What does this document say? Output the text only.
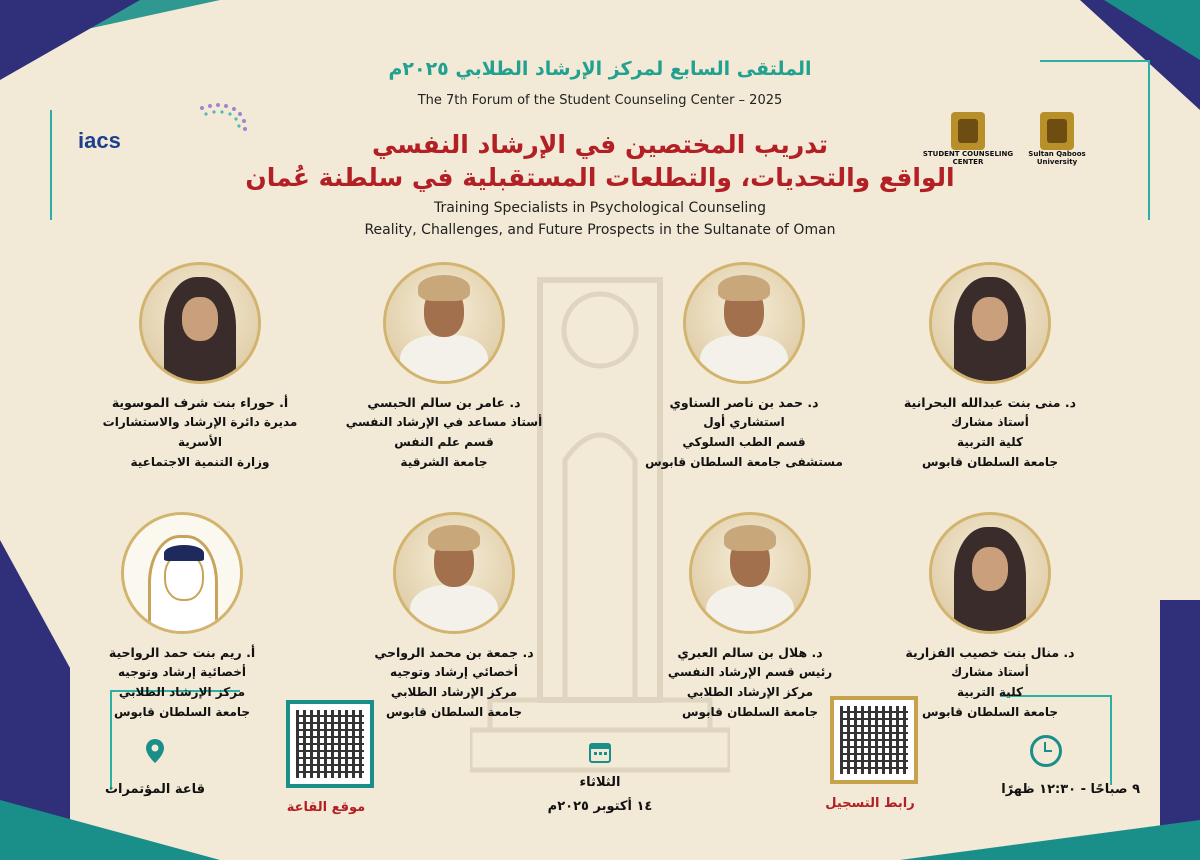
iacs
STUDENT COUNSELING CENTER
Sultan Qaboos University
الملتقى السابع لمركز الإرشاد الطلابي ٢٠٢٥م
The 7th Forum of the Student Counseling Center – 2025
تدريب المختصين في الإرشاد النفسي
الواقع والتحديات، والتطلعات المستقبلية في سلطنة عُمان
Training Specialists in Psychological Counseling
Reality, Challenges, and Future Prospects in the Sultanate of Oman
د. منى بنت عبدالله البحرانية
أستاذ مشارك
كلية التربية
جامعة السلطان قابوس
د. حمد بن ناصر السناوي
استشاري أول
قسم الطب السلوكي
مستشفى جامعة السلطان قابوس
د. عامر بن سالم الحبسي
أستاذ مساعد في الإرشاد النفسي
قسم علم النفس
جامعة الشرقية
أ. حوراء بنت شرف الموسوية
مديرة دائرة الإرشاد والاستشارات الأسرية
وزارة التنمية الاجتماعية
د. منال بنت خصيب الفزارية
أستاذ مشارك
كلية التربية
جامعة السلطان قابوس
د. هلال بن سالم العبري
رئيس قسم الإرشاد النفسي
مركز الإرشاد الطلابي
جامعة السلطان قابوس
د. جمعة بن محمد الرواحي
أخصائي إرشاد وتوجيه
مركز الإرشاد الطلابي
جامعة السلطان قابوس
أ. ريم بنت حمد الرواحية
أخصائية إرشاد وتوجيه
مركز الإرشاد الطلابي
جامعة السلطان قابوس
قاعة المؤتمرات
موقع القاعة
الثلاثاء
١٤ أكتوبر ٢٠٢٥م	رابط التسجيل
٩ صباحًا - ١٢:٣٠ ظهرًا
